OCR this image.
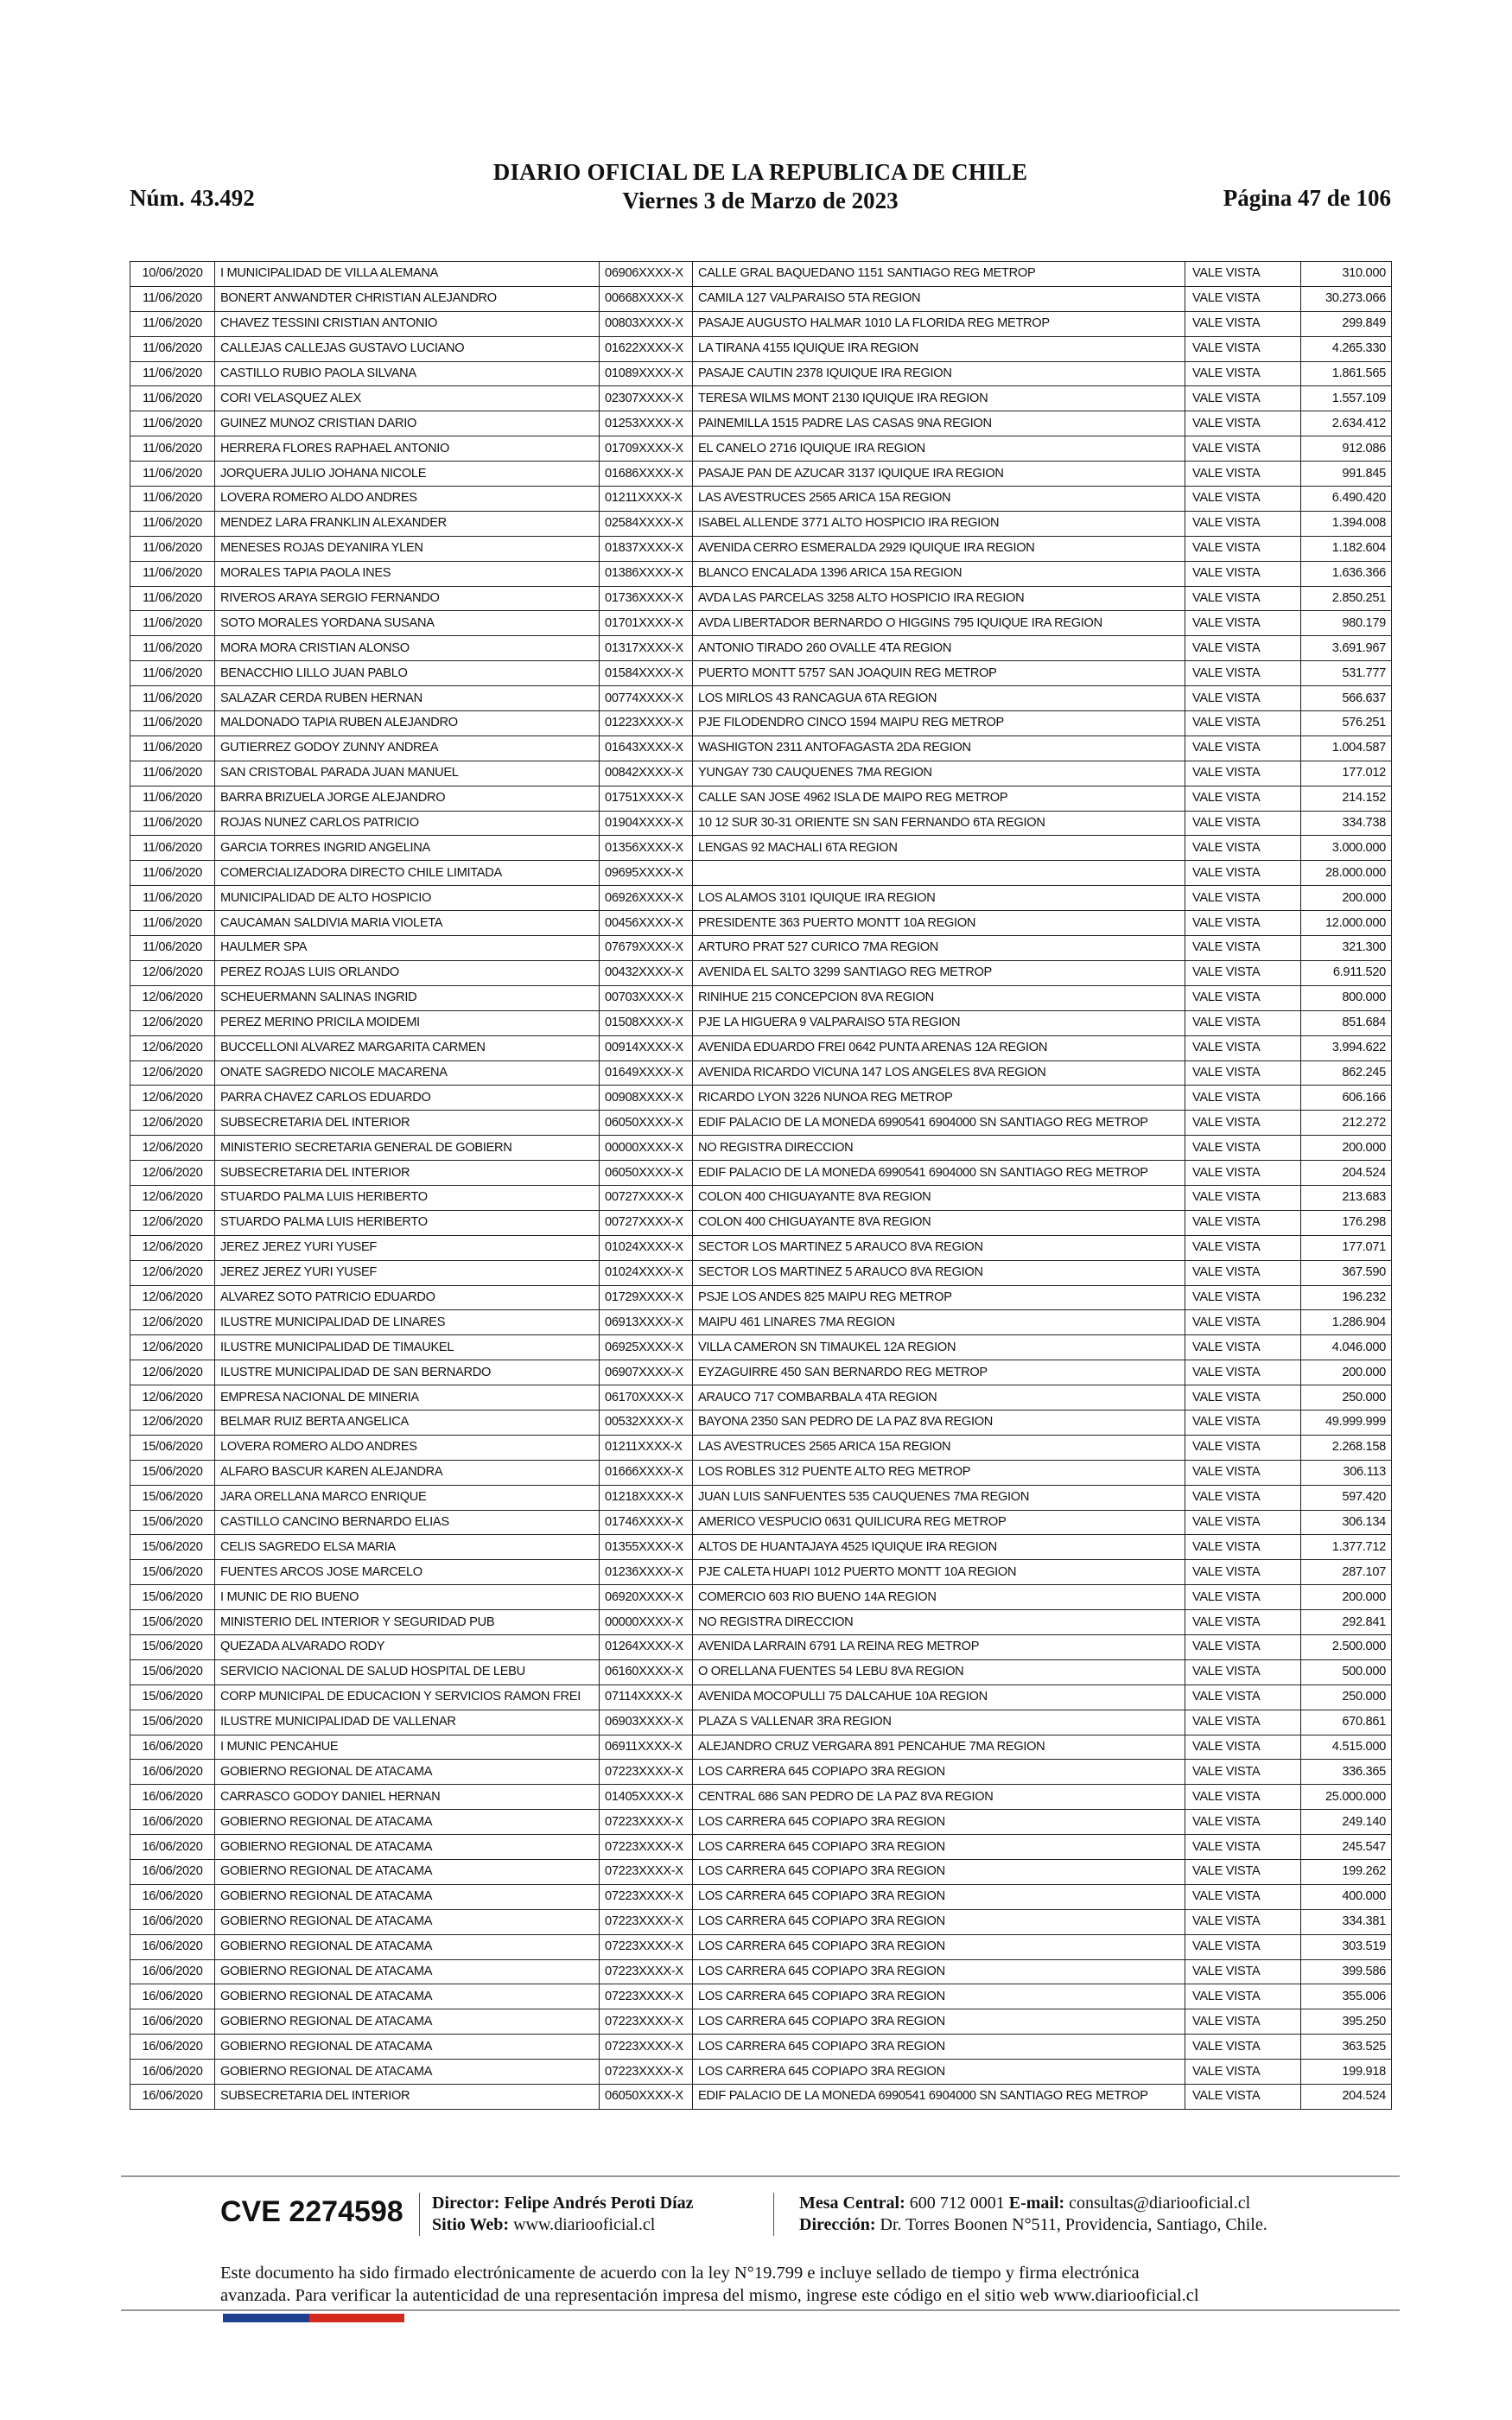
Núm. 43.492
DIARIO OFICIAL DE LA REPUBLICA DE CHILE
Viernes 3 de Marzo de 2023	Página 47 de 106
10/06/2020	I MUNICIPALIDAD DE VILLA ALEMANA	06906XXXX-X	CALLE GRAL BAQUEDANO 1151 SANTIAGO REG METROP	VALE VISTA	310.000
11/06/2020	BONERT ANWANDTER CHRISTIAN ALEJANDRO	00668XXXX-X	CAMILA 127 VALPARAISO 5TA REGION	VALE VISTA	30.273.066
11/06/2020	CHAVEZ TESSINI CRISTIAN ANTONIO	00803XXXX-X	PASAJE AUGUSTO HALMAR 1010 LA FLORIDA REG METROP	VALE VISTA	299.849
11/06/2020	CALLEJAS CALLEJAS GUSTAVO LUCIANO	01622XXXX-X	LA TIRANA 4155 IQUIQUE IRA REGION	VALE VISTA	4.265.330
11/06/2020	CASTILLO RUBIO PAOLA SILVANA	01089XXXX-X	PASAJE CAUTIN 2378 IQUIQUE IRA REGION	VALE VISTA	1.861.565
11/06/2020	CORI VELASQUEZ ALEX	02307XXXX-X	TERESA WILMS MONT 2130 IQUIQUE IRA REGION	VALE VISTA	1.557.109
11/06/2020	GUINEZ MUNOZ CRISTIAN DARIO	01253XXXX-X	PAINEMILLA 1515 PADRE LAS CASAS 9NA REGION	VALE VISTA	2.634.412
11/06/2020	HERRERA FLORES RAPHAEL ANTONIO	01709XXXX-X	EL CANELO 2716 IQUIQUE IRA REGION	VALE VISTA	912.086
11/06/2020	JORQUERA JULIO JOHANA NICOLE	01686XXXX-X	PASAJE PAN DE AZUCAR 3137 IQUIQUE IRA REGION	VALE VISTA	991.845
11/06/2020	LOVERA ROMERO ALDO ANDRES	01211XXXX-X	LAS AVESTRUCES 2565 ARICA 15A REGION	VALE VISTA	6.490.420
11/06/2020	MENDEZ LARA FRANKLIN ALEXANDER	02584XXXX-X	ISABEL ALLENDE 3771 ALTO HOSPICIO IRA REGION	VALE VISTA	1.394.008
11/06/2020	MENESES ROJAS DEYANIRA YLEN	01837XXXX-X	AVENIDA CERRO ESMERALDA 2929 IQUIQUE IRA REGION	VALE VISTA	1.182.604
11/06/2020	MORALES TAPIA PAOLA INES	01386XXXX-X	BLANCO ENCALADA 1396 ARICA 15A REGION	VALE VISTA	1.636.366
11/06/2020	RIVEROS ARAYA SERGIO FERNANDO	01736XXXX-X	AVDA LAS PARCELAS 3258 ALTO HOSPICIO IRA REGION	VALE VISTA	2.850.251
11/06/2020	SOTO MORALES YORDANA SUSANA	01701XXXX-X	AVDA LIBERTADOR BERNARDO O HIGGINS 795 IQUIQUE IRA REGION	VALE VISTA	980.179
11/06/2020	MORA MORA CRISTIAN ALONSO	01317XXXX-X	ANTONIO TIRADO 260 OVALLE 4TA REGION	VALE VISTA	3.691.967
11/06/2020	BENACCHIO LILLO JUAN PABLO	01584XXXX-X	PUERTO MONTT 5757 SAN JOAQUIN REG METROP	VALE VISTA	531.777
11/06/2020	SALAZAR CERDA RUBEN HERNAN	00774XXXX-X	LOS MIRLOS 43 RANCAGUA 6TA REGION	VALE VISTA	566.637
11/06/2020	MALDONADO TAPIA RUBEN ALEJANDRO	01223XXXX-X	PJE FILODENDRO CINCO 1594 MAIPU REG METROP	VALE VISTA	576.251
11/06/2020	GUTIERREZ GODOY ZUNNY ANDREA	01643XXXX-X	WASHIGTON 2311 ANTOFAGASTA 2DA REGION	VALE VISTA	1.004.587
11/06/2020	SAN CRISTOBAL PARADA JUAN MANUEL	00842XXXX-X	YUNGAY 730 CAUQUENES 7MA REGION	VALE VISTA	177.012
11/06/2020	BARRA BRIZUELA JORGE ALEJANDRO	01751XXXX-X	CALLE SAN JOSE 4962 ISLA DE MAIPO REG METROP	VALE VISTA	214.152
11/06/2020	ROJAS NUNEZ CARLOS PATRICIO	01904XXXX-X	10 12 SUR 30-31 ORIENTE SN SAN FERNANDO 6TA REGION	VALE VISTA	334.738
11/06/2020	GARCIA TORRES INGRID ANGELINA	01356XXXX-X	LENGAS 92 MACHALI 6TA REGION	VALE VISTA	3.000.000
11/06/2020	COMERCIALIZADORA DIRECTO CHILE LIMITADA	09695XXXX-X		VALE VISTA	28.000.000
11/06/2020	MUNICIPALIDAD DE ALTO HOSPICIO	06926XXXX-X	LOS ALAMOS 3101 IQUIQUE IRA REGION	VALE VISTA	200.000
11/06/2020	CAUCAMAN SALDIVIA MARIA VIOLETA	00456XXXX-X	PRESIDENTE 363 PUERTO MONTT 10A REGION	VALE VISTA	12.000.000
11/06/2020	HAULMER SPA	07679XXXX-X	ARTURO PRAT 527 CURICO 7MA REGION	VALE VISTA	321.300
12/06/2020	PEREZ ROJAS LUIS ORLANDO	00432XXXX-X	AVENIDA EL SALTO 3299 SANTIAGO REG METROP	VALE VISTA	6.911.520
12/06/2020	SCHEUERMANN SALINAS INGRID	00703XXXX-X	RINIHUE 215 CONCEPCION 8VA REGION	VALE VISTA	800.000
12/06/2020	PEREZ MERINO PRICILA MOIDEMI	01508XXXX-X	PJE LA HIGUERA 9 VALPARAISO 5TA REGION	VALE VISTA	851.684
12/06/2020	BUCCELLONI ALVAREZ MARGARITA CARMEN	00914XXXX-X	AVENIDA EDUARDO FREI 0642 PUNTA ARENAS 12A REGION	VALE VISTA	3.994.622
12/06/2020	ONATE SAGREDO NICOLE MACARENA	01649XXXX-X	AVENIDA RICARDO VICUNA 147 LOS ANGELES 8VA REGION	VALE VISTA	862.245
12/06/2020	PARRA CHAVEZ CARLOS EDUARDO	00908XXXX-X	RICARDO LYON 3226 NUNOA REG METROP	VALE VISTA	606.166
12/06/2020	SUBSECRETARIA DEL INTERIOR	06050XXXX-X	EDIF PALACIO DE LA MONEDA 6990541 6904000 SN SANTIAGO REG METROP	VALE VISTA	212.272
12/06/2020	MINISTERIO SECRETARIA GENERAL DE GOBIERN	00000XXXX-X	NO REGISTRA DIRECCION	VALE VISTA	200.000
12/06/2020	SUBSECRETARIA DEL INTERIOR	06050XXXX-X	EDIF PALACIO DE LA MONEDA 6990541 6904000 SN SANTIAGO REG METROP	VALE VISTA	204.524
12/06/2020	STUARDO PALMA LUIS HERIBERTO	00727XXXX-X	COLON 400 CHIGUAYANTE 8VA REGION	VALE VISTA	213.683
12/06/2020	STUARDO PALMA LUIS HERIBERTO	00727XXXX-X	COLON 400 CHIGUAYANTE 8VA REGION	VALE VISTA	176.298
12/06/2020	JEREZ JEREZ YURI YUSEF	01024XXXX-X	SECTOR LOS MARTINEZ 5 ARAUCO 8VA REGION	VALE VISTA	177.071
12/06/2020	JEREZ JEREZ YURI YUSEF	01024XXXX-X	SECTOR LOS MARTINEZ 5 ARAUCO 8VA REGION	VALE VISTA	367.590
12/06/2020	ALVAREZ SOTO PATRICIO EDUARDO	01729XXXX-X	PSJE LOS ANDES 825 MAIPU REG METROP	VALE VISTA	196.232
12/06/2020	ILUSTRE MUNICIPALIDAD DE LINARES	06913XXXX-X	MAIPU 461 LINARES 7MA REGION	VALE VISTA	1.286.904
12/06/2020	ILUSTRE MUNICIPALIDAD DE TIMAUKEL	06925XXXX-X	VILLA CAMERON SN TIMAUKEL 12A REGION	VALE VISTA	4.046.000
12/06/2020	ILUSTRE MUNICIPALIDAD DE SAN BERNARDO	06907XXXX-X	EYZAGUIRRE 450 SAN BERNARDO REG METROP	VALE VISTA	200.000
12/06/2020	EMPRESA NACIONAL DE MINERIA	06170XXXX-X	ARAUCO 717 COMBARBALA 4TA REGION	VALE VISTA	250.000
12/06/2020	BELMAR RUIZ BERTA ANGELICA	00532XXXX-X	BAYONA 2350 SAN PEDRO DE LA PAZ 8VA REGION	VALE VISTA	49.999.999
15/06/2020	LOVERA ROMERO ALDO ANDRES	01211XXXX-X	LAS AVESTRUCES 2565 ARICA 15A REGION	VALE VISTA	2.268.158
15/06/2020	ALFARO BASCUR KAREN ALEJANDRA	01666XXXX-X	LOS ROBLES 312 PUENTE ALTO REG METROP	VALE VISTA	306.113
15/06/2020	JARA ORELLANA MARCO ENRIQUE	01218XXXX-X	JUAN LUIS SANFUENTES 535 CAUQUENES 7MA REGION	VALE VISTA	597.420
15/06/2020	CASTILLO CANCINO BERNARDO ELIAS	01746XXXX-X	AMERICO VESPUCIO 0631 QUILICURA REG METROP	VALE VISTA	306.134
15/06/2020	CELIS SAGREDO ELSA MARIA	01355XXXX-X	ALTOS DE HUANTAJAYA 4525 IQUIQUE IRA REGION	VALE VISTA	1.377.712
15/06/2020	FUENTES ARCOS JOSE MARCELO	01236XXXX-X	PJE CALETA HUAPI 1012 PUERTO MONTT 10A REGION	VALE VISTA	287.107
15/06/2020	I MUNIC DE RIO BUENO	06920XXXX-X	COMERCIO 603 RIO BUENO 14A REGION	VALE VISTA	200.000
15/06/2020	MINISTERIO DEL INTERIOR Y SEGURIDAD PUB	00000XXXX-X	NO REGISTRA DIRECCION	VALE VISTA	292.841
15/06/2020	QUEZADA ALVARADO RODY	01264XXXX-X	AVENIDA LARRAIN 6791 LA REINA REG METROP	VALE VISTA	2.500.000
15/06/2020	SERVICIO NACIONAL DE SALUD HOSPITAL DE LEBU	06160XXXX-X	O ORELLANA FUENTES 54 LEBU 8VA REGION	VALE VISTA	500.000
15/06/2020	CORP MUNICIPAL DE EDUCACION Y SERVICIOS RAMON FREI	07114XXXX-X	AVENIDA MOCOPULLI 75 DALCAHUE 10A REGION	VALE VISTA	250.000
15/06/2020	ILUSTRE MUNICIPALIDAD DE VALLENAR	06903XXXX-X	PLAZA S VALLENAR 3RA REGION	VALE VISTA	670.861
16/06/2020	I MUNIC PENCAHUE	06911XXXX-X	ALEJANDRO CRUZ VERGARA 891 PENCAHUE 7MA REGION	VALE VISTA	4.515.000
16/06/2020	GOBIERNO REGIONAL DE ATACAMA	07223XXXX-X	LOS CARRERA 645 COPIAPO 3RA REGION	VALE VISTA	336.365
16/06/2020	CARRASCO GODOY DANIEL HERNAN	01405XXXX-X	CENTRAL 686 SAN PEDRO DE LA PAZ 8VA REGION	VALE VISTA	25.000.000
16/06/2020	GOBIERNO REGIONAL DE ATACAMA	07223XXXX-X	LOS CARRERA 645 COPIAPO 3RA REGION	VALE VISTA	249.140
16/06/2020	GOBIERNO REGIONAL DE ATACAMA	07223XXXX-X	LOS CARRERA 645 COPIAPO 3RA REGION	VALE VISTA	245.547
16/06/2020	GOBIERNO REGIONAL DE ATACAMA	07223XXXX-X	LOS CARRERA 645 COPIAPO 3RA REGION	VALE VISTA	199.262
16/06/2020	GOBIERNO REGIONAL DE ATACAMA	07223XXXX-X	LOS CARRERA 645 COPIAPO 3RA REGION	VALE VISTA	400.000
16/06/2020	GOBIERNO REGIONAL DE ATACAMA	07223XXXX-X	LOS CARRERA 645 COPIAPO 3RA REGION	VALE VISTA	334.381
16/06/2020	GOBIERNO REGIONAL DE ATACAMA	07223XXXX-X	LOS CARRERA 645 COPIAPO 3RA REGION	VALE VISTA	303.519
16/06/2020	GOBIERNO REGIONAL DE ATACAMA	07223XXXX-X	LOS CARRERA 645 COPIAPO 3RA REGION	VALE VISTA	399.586
16/06/2020	GOBIERNO REGIONAL DE ATACAMA	07223XXXX-X	LOS CARRERA 645 COPIAPO 3RA REGION	VALE VISTA	355.006
16/06/2020	GOBIERNO REGIONAL DE ATACAMA	07223XXXX-X	LOS CARRERA 645 COPIAPO 3RA REGION	VALE VISTA	395.250
16/06/2020	GOBIERNO REGIONAL DE ATACAMA	07223XXXX-X	LOS CARRERA 645 COPIAPO 3RA REGION	VALE VISTA	363.525
16/06/2020	GOBIERNO REGIONAL DE ATACAMA	07223XXXX-X	LOS CARRERA 645 COPIAPO 3RA REGION	VALE VISTA	199.918
16/06/2020	SUBSECRETARIA DEL INTERIOR	06050XXXX-X	EDIF PALACIO DE LA MONEDA 6990541 6904000 SN SANTIAGO REG METROP	VALE VISTA	204.524
CVE 2274598 Director: Felipe Andrés Peroti Díaz
Sitio Web: www.diariooficial.cl
Mesa Central: 600 712 0001 E-mail: consultas@diariooficial.cl
Dirección: Dr. Torres Boonen N°511, Providencia, Santiago, Chile.
Este documento ha sido firmado electrónicamente de acuerdo con la ley N°19.799 e incluye sellado de tiempo y firma electrónica
avanzada. Para verificar la autenticidad de una representación impresa del mismo, ingrese este código en el sitio web www.diariooficial.cl
